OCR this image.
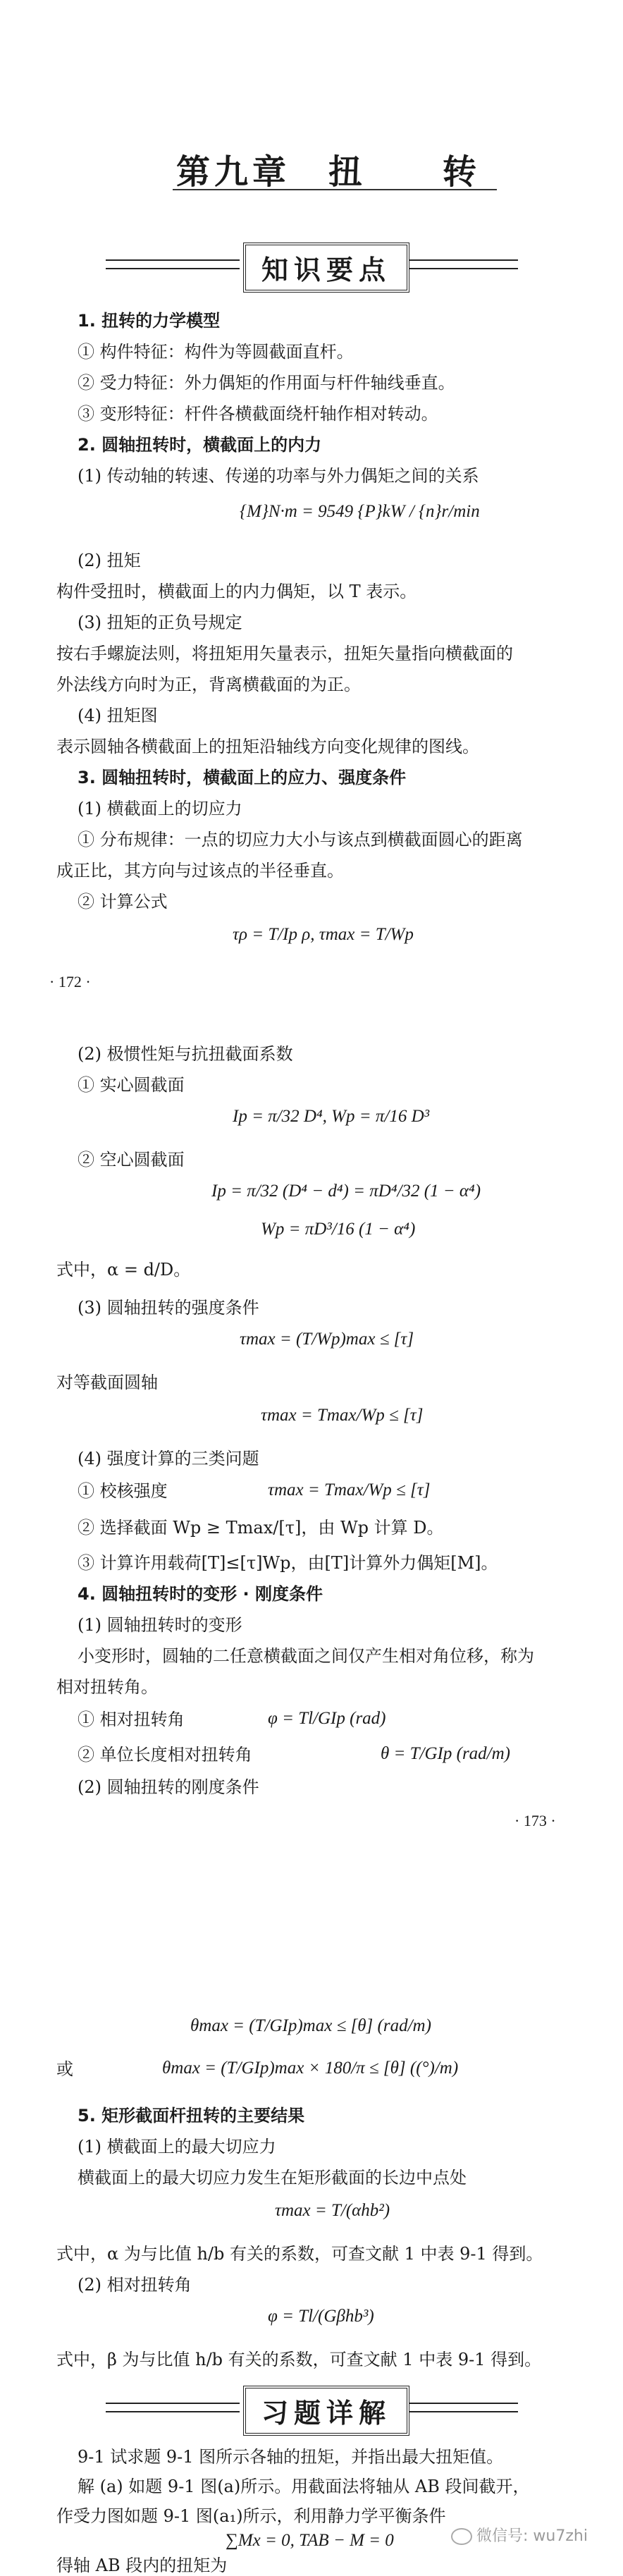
第九章　扭　　转
知识要点
1. 扭转的力学模型
① 构件特征：构件为等圆截面直杆。
② 受力特征：外力偶矩的作用面与杆件轴线垂直。
③ 变形特征：杆件各横截面绕杆轴作相对转动。
2. 圆轴扭转时，横截面上的内力
(1) 传动轴的转速、传递的功率与外力偶矩之间的关系
{M}N·m = 9549 {P}kW / {n}r/min
(2) 扭矩
构件受扭时，横截面上的内力偶矩，以 T 表示。
(3) 扭矩的正负号规定
按右手螺旋法则，将扭矩用矢量表示，扭矩矢量指向横截面的
外法线方向时为正，背离横截面的为正。
(4) 扭矩图
表示圆轴各横截面上的扭矩沿轴线方向变化规律的图线。
3. 圆轴扭转时，横截面上的应力、强度条件
(1) 横截面上的切应力
① 分布规律：一点的切应力大小与该点到横截面圆心的距离
成正比，其方向与过该点的半径垂直。
② 计算公式
τρ = T/Ip ρ, τmax = T/Wp
· 172 ·
(2) 极惯性矩与抗扭截面系数
① 实心圆截面
Ip = π/32 D⁴, Wp = π/16 D³
② 空心圆截面
Ip = π/32 (D⁴ − d⁴) = πD⁴/32 (1 − α⁴)
Wp = πD³/16 (1 − α⁴)
式中，α = d/D。
(3) 圆轴扭转的强度条件
τmax = (T/Wp)max ≤ [τ]
对等截面圆轴
τmax = Tmax/Wp ≤ [τ]
(4) 强度计算的三类问题
① 校核强度	τmax = Tmax/Wp ≤ [τ]
② 选择截面 Wp ≥ Tmax/[τ]，由 Wp 计算 D。
③ 计算许用载荷[T]≤[τ]Wp，由[T]计算外力偶矩[M]。
4. 圆轴扭转时的变形 · 刚度条件
(1) 圆轴扭转时的变形
小变形时，圆轴的二任意横截面之间仅产生相对角位移，称为
相对扭转角。
① 相对扭转角	φ = Tl/GIp (rad)
② 单位长度相对扭转角	θ = T/GIp (rad/m)
(2) 圆轴扭转的刚度条件
· 173 ·
θmax = (T/GIp)max ≤ [θ] (rad/m)
或	θmax = (T/GIp)max × 180/π ≤ [θ] ((°)/m)
5. 矩形截面杆扭转的主要结果
(1) 横截面上的最大切应力
横截面上的最大切应力发生在矩形截面的长边中点处
τmax = T/(αhb²)
式中，α 为与比值 h/b 有关的系数，可查文献 1 中表 9-1 得到。
(2) 相对扭转角
φ = Tl/(Gβhb³)
式中，β 为与比值 h/b 有关的系数，可查文献 1 中表 9-1 得到。
习题详解
9-1 试求题 9-1 图所示各轴的扭矩，并指出最大扭矩值。
解 (a) 如题 9-1 图(a)所示。用截面法将轴从 AB 段间截开，
作受力图如题 9-1 图(a₁)所示，利用静力学平衡条件
∑Mx = 0, TAB − M = 0
得轴 AB 段内的扭矩为
微信号: wu7zhi
